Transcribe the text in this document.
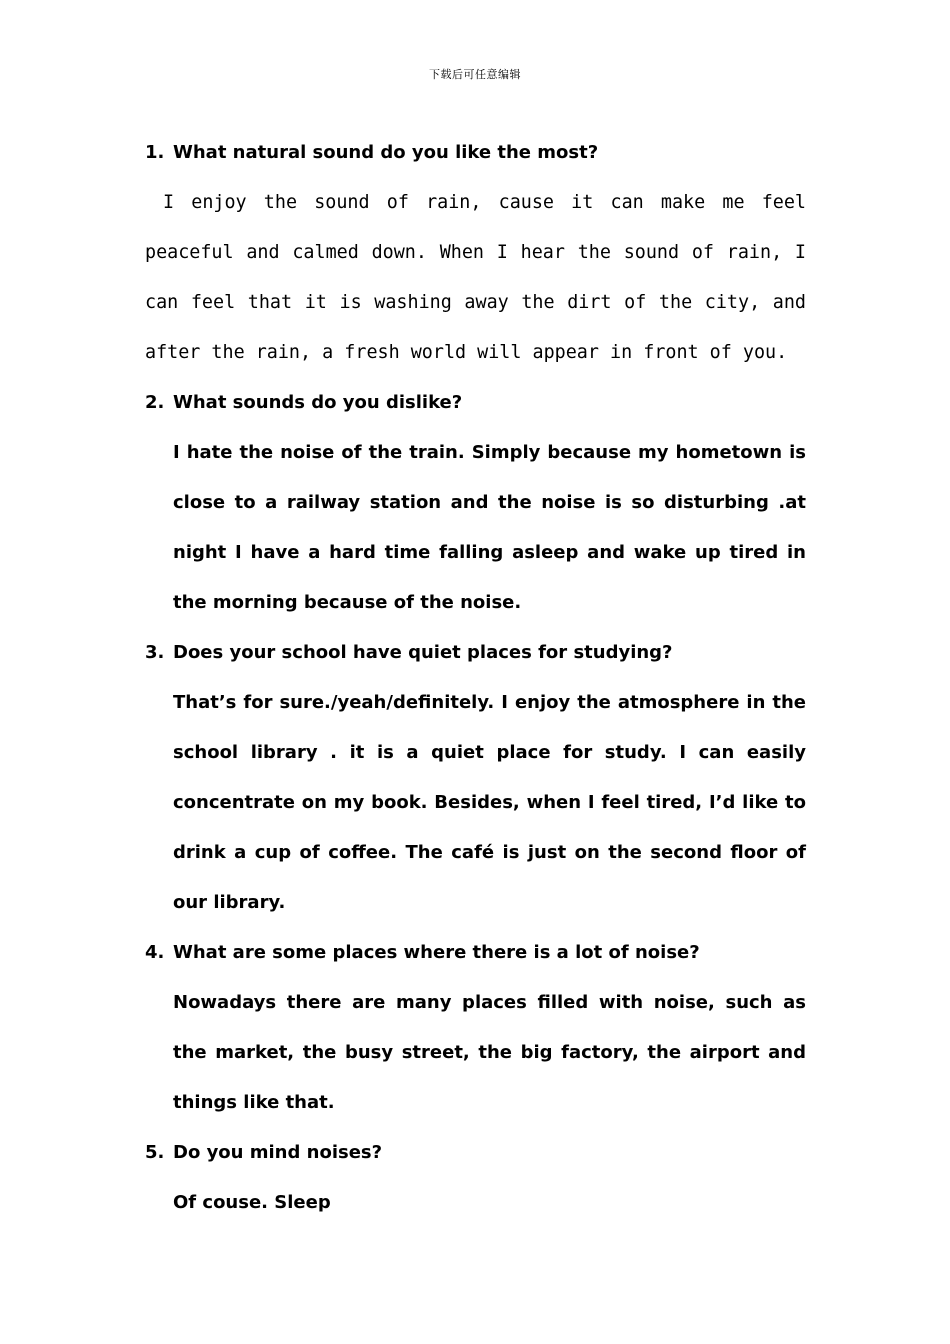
下载后可任意编辑
1. What natural sound do you like the most?

I enjoy the sound of rain, cause it can make me feel peaceful and calmed down. When I hear the sound of rain, I can feel that it is washing away the dirt of the city, and after the rain, a fresh world will appear in front of you.

2. What sounds do you dislike?

I hate the noise of the train. Simply because my hometown is close to a railway station and the noise is so disturbing .at night I have a hard time falling asleep and wake up tired in the morning because of the noise.

3. Does your school have quiet places for studying?

That’s for sure./yeah/definitely. I enjoy the atmosphere in the school library . it is a quiet place for study. I can easily concentrate on my book. Besides, when I feel tired, I’d like to drink a cup of coffee. The café is just on the second floor of our library.

4. What are some places where there is a lot of noise?

Nowadays there are many places filled with noise, such as the market, the busy street, the big factory, the airport and things like that.

5. Do you mind noises?

Of couse. Sleep
